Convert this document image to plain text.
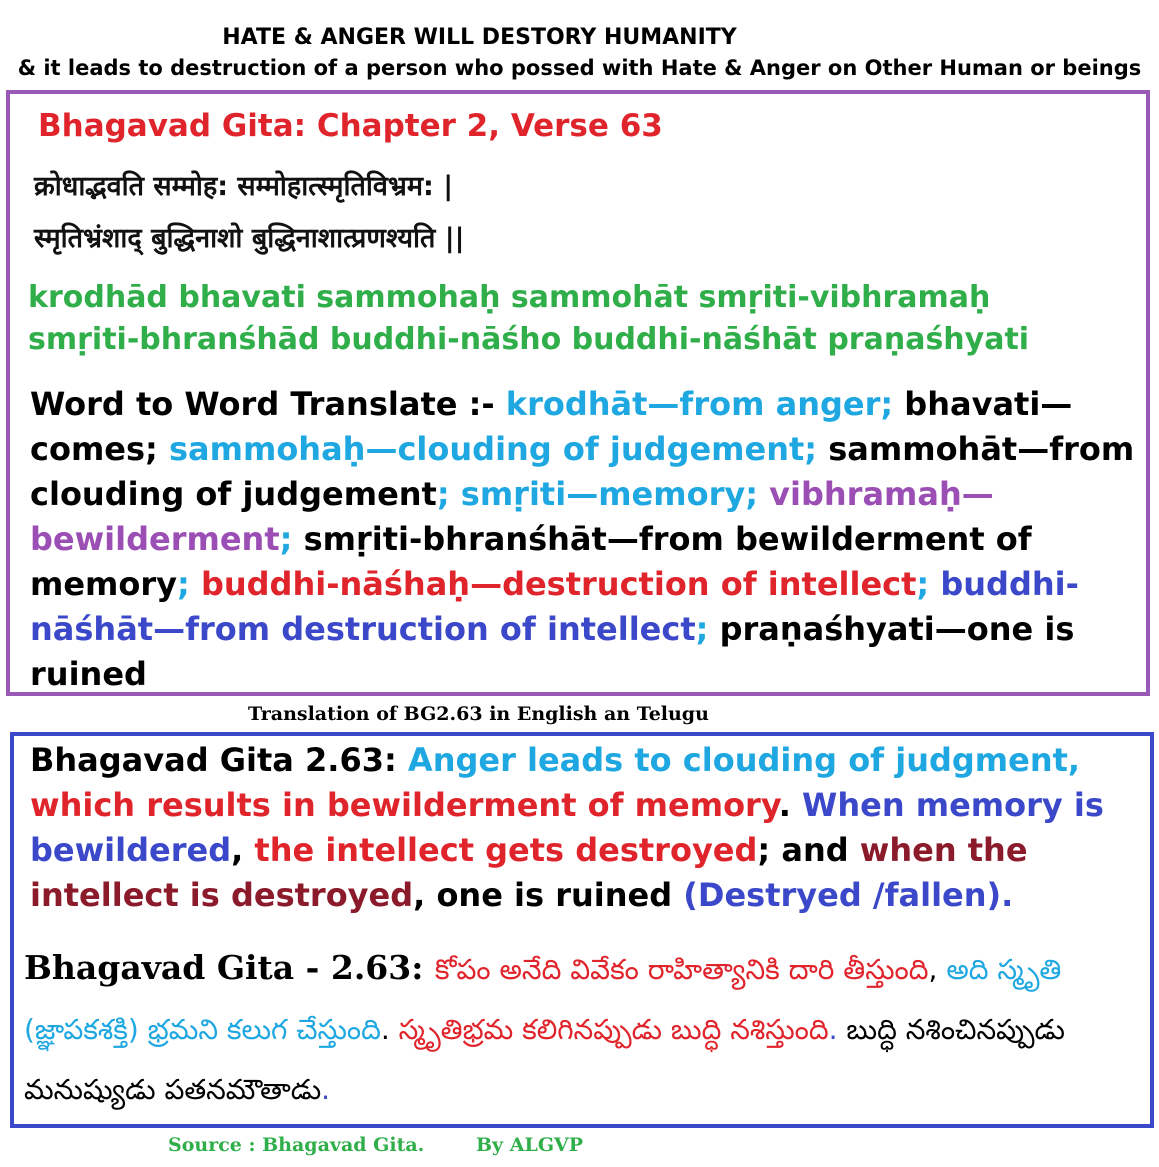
HATE & ANGER WILL DESTORY HUMANITY
& it leads to destruction of a person who possed with Hate & Anger on Other Human or beings
Bhagavad Gita: Chapter 2, Verse 63
क्रोधाद्भवति सम्मोह: सम्मोहात्स्मृतिविभ्रम: |
स्मृतिभ्रंशाद् बुद्धिनाशो बुद्धिनाशात्प्रणश्यति ||
krodhād bhavati sammohaḥ sammohāt smṛiti-vibhramaḥ
smṛiti-bhranśhād buddhi-nāśho buddhi-nāśhāt praṇaśhyati
Word to Word Translate :- krodhāt—from anger; bhavati—comes; sammohaḥ—clouding of judgement; sammohāt—from clouding of judgement; smṛiti—memory; vibhramaḥ—bewilderment; smṛiti-bhranśhāt—from bewilderment of memory; buddhi-nāśhaḥ—destruction of intellect; buddhi-nāśhāt—from destruction of intellect; praṇaśhyati—one is ruined
Translation of BG2.63 in English an Telugu
Bhagavad Gita 2.63: Anger leads to clouding of judgment, which results in bewilderment of memory. When memory is bewildered, the intellect gets destroyed; and when the intellect is destroyed, one is ruined (Destryed /fallen).
Bhagavad Gita - 2.63: కోపం అనేది వివేకం రాహిత్యానికి దారి తీస్తుంది, అది స్మృతి (జ్ఞాపకశక్తి) భ్రమని కలుగ చేస్తుంది. స్మృతిభ్రమ కలిగినప్పుడు బుద్ధి నశిస్తుంది. బుద్ధి నశించినప్పుడు మనుష్యుడు పతనమౌతాడు.
Source : Bhagavad Gita.	By ALGVP
